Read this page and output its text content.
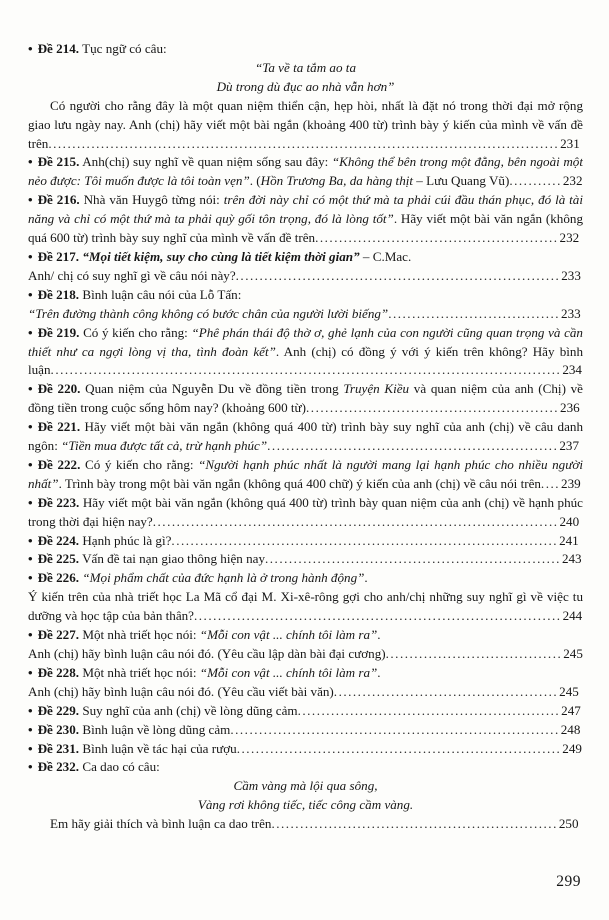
• Đề 214. Tục ngữ có câu:

“Ta về ta tắm ao ta

Dù trong dù đục ao nhà vẫn hơn”

Có người cho rằng đây là một quan niệm thiển cận, hẹp hòi, nhất là đặt nó trong thời đại mở rộng giao lưu ngày nay. Anh (chị) hãy viết một bài ngắn (khoảng 400 từ) trình bày ý kiến của mình về vấn đề trên...........................................................................................................231

• Đề 215. Anh(chị) suy nghĩ về quan niệm sống sau đây: “Không thể bên trong một đằng, bên ngoài một nẻo được: Tôi muốn được là tôi toàn vẹn”. (Hồn Trương Ba, da hàng thịt – Lưu Quang Vũ)...........232

• Đề 216. Nhà văn Huygô từng nói: trên đời này chỉ có một thứ mà ta phải cúi đầu thán phục, đó là tài năng và chỉ có một thứ mà ta phải quỳ gối tôn trọng, đó là lòng tốt”. Hãy viết một bài văn ngắn (không quá 600 từ) trình bày suy nghĩ của mình về vấn đề trên...................................................232

• Đề 217. “Mọi tiết kiệm, suy cho cùng là tiết kiệm thời gian” – C.Mac.

Anh/ chị có suy nghĩ gì về câu nói này?....................................................................233

• Đề 218. Bình luận câu nói của Lỗ Tấn:

“Trên đường thành công không có bước chân của người lười biếng”....................................233

• Đề 219. Có ý kiến cho rằng: “Phê phán thái độ thờ ơ, ghẻ lạnh của con người cũng quan trọng và cần thiết như ca ngợi lòng vị tha, tình đoàn kết”. Anh (chị) có đồng ý với ý kiến trên không? Hãy bình luận...........................................................................................................234

• Đề 220. Quan niệm của Nguyễn Du về đồng tiền trong Truyện Kiều và quan niệm của anh (Chị) về đồng tiền trong cuộc sống hôm nay? (khoảng 600 từ).....................................................236

• Đề 221. Hãy viết một bài văn ngắn (không quá 400 từ) trình bày suy nghĩ của anh (chị) về câu danh ngôn: “Tiền mua được tất cả, trừ hạnh phúc”.............................................................237

• Đề 222. Có ý kiến cho rằng: “Người hạnh phúc nhất là người mang lại hạnh phúc cho nhiều người nhất”. Trình bày trong một bài văn ngắn (không quá 400 chữ) ý kiến của anh (chị) về câu nói trên....239

• Đề 223. Hãy viết một bài văn ngắn (không quá 400 từ) trình bày quan niệm của anh (chị) về hạnh phúc trong thời đại hiện nay?.....................................................................................240

• Đề 224. Hạnh phúc là gì?.................................................................................241

• Đề 225. Vấn đề tai nạn giao thông hiện nay..............................................................243

• Đề 226. “Mọi phẩm chất của đức hạnh là ở trong hành động”.

Ý kiến trên của nhà triết học La Mã cổ đại M. Xi-xê-rông gợi cho anh/chị những suy nghĩ gì về việc tu dưỡng và học tập của bản thân?.............................................................................244

• Đề 227. Một nhà triết học nói: “Mỗi con vật ... chính tôi làm ra”.

Anh (chị) hãy bình luận câu nói đó. (Yêu cầu lập dàn bài đại cương).....................................245

• Đề 228. Một nhà triết học nói: “Mỗi con vật ... chính tôi làm ra”.

Anh (chị) hãy bình luận câu nói đó. (Yêu cầu viết bài văn)...............................................245

• Đề 229. Suy nghĩ của anh (chị) về lòng dũng cảm.......................................................247

• Đề 230. Bình luận về lòng dũng cảm.....................................................................248

• Đề 231. Bình luận về tác hại của rượu....................................................................249

• Đề 232. Ca dao có câu:

Cầm vàng mà lội qua sông,

Vàng rơi không tiếc, tiếc công cầm vàng.

Em hãy giải thích và bình luận ca dao trên............................................................250

299
